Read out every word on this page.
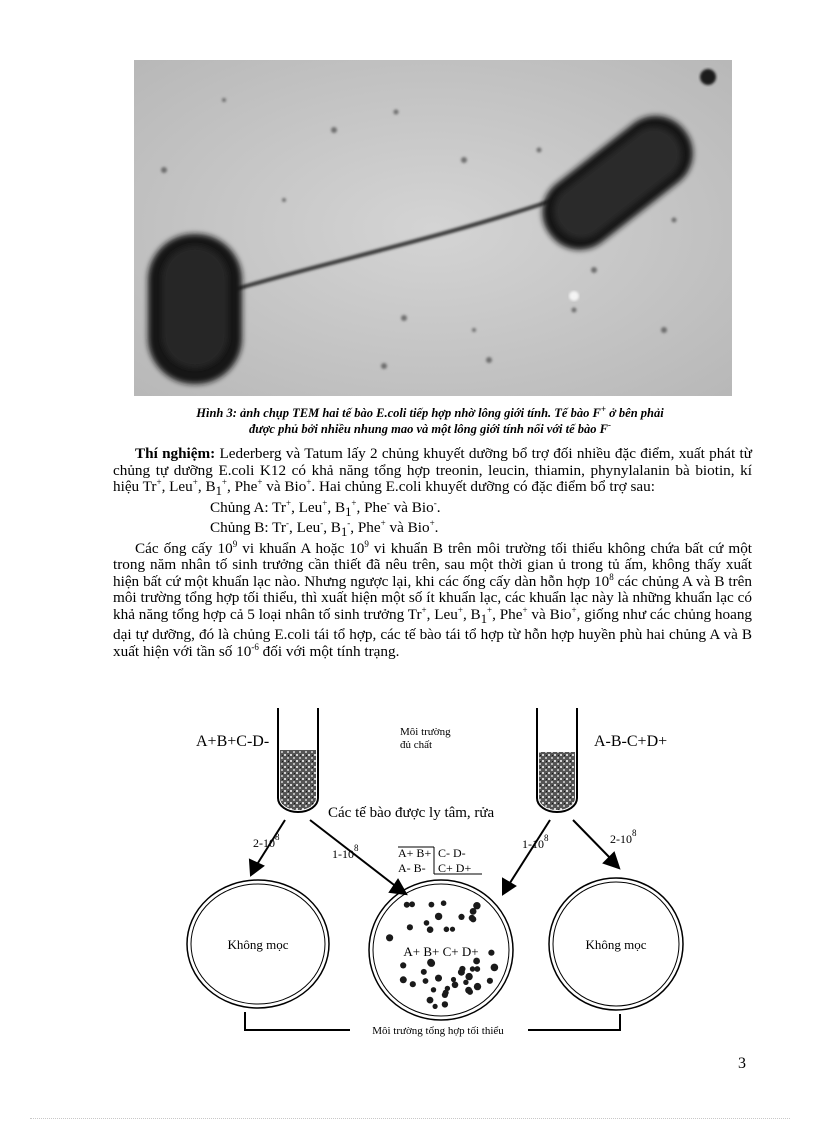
Hình 3: ảnh chụp TEM hai tế bào E.coli tiếp hợp nhờ lông giới tính. Tế bào F+ ở bên phải
được phủ bởi nhiều nhung mao và một lông giới tính nối với tế bào F-

Thí nghiệm: Lederberg và Tatum lấy 2 chủng khuyết dưỡng bổ trợ đối nhiều đặc điểm, xuất phát từ chủng tự dưỡng E.coli K12 có khả năng tổng hợp treonin, leucin, thiamin, phynylalanin bà biotin, kí hiệu Tr+, Leu+, $B_1^+$, Phe+ và Bio+. Hai chủng E.coli khuyết dưỡng có đặc điểm bổ trợ sau:

Chủng A: Tr+, Leu+, $B_1^+$, Phe- và Bio-.

Chủng B: Tr-, Leu-, $B_1^-$, Phe+ và Bio+.

Các ống cấy $10^9$ vi khuẩn A hoặc $10^9$ vi khuẩn B trên môi trường tối thiểu không chứa bất cứ một trong năm nhân tố sinh trưởng cần thiết đã nêu trên, sau một thời gian ủ trong tủ ấm, không thấy xuất hiện bất cứ một khuẩn lạc nào. Nhưng ngược lại, khi các ống cấy dàn hỗn hợp $10^8$ các chủng A và B trên môi trường tổng hợp tối thiểu, thì xuất hiện một số ít khuẩn lạc, các khuẩn lạc này là những khuẩn lạc có khả năng tổng hợp cả 5 loại nhân tố sinh trưởng Tr+, Leu+, $B_1^+$, Phe+ và Bio+, giống như các chủng hoang dại tự dưỡng, đó là chủng E.coli tái tổ hợp, các tế bào tái tổ hợp từ hỗn hợp huyền phù hai chủng A và B xuất hiện với tần số $10^{-6}$ đối với một tính trạng.

A+B+C-D-	A-B-C+D+
Môi trường
đủ chất
Các tế bào được ly tâm, rửa
$2-10^8$
$1-10^8$	$1-10^8$	$2-10^8$
A+ B+ C- D-
A- B- C+ D+
Không mọc	A+ B+ C+ D+	Không mọc
Môi trường tổng hợp tối thiểu
3
